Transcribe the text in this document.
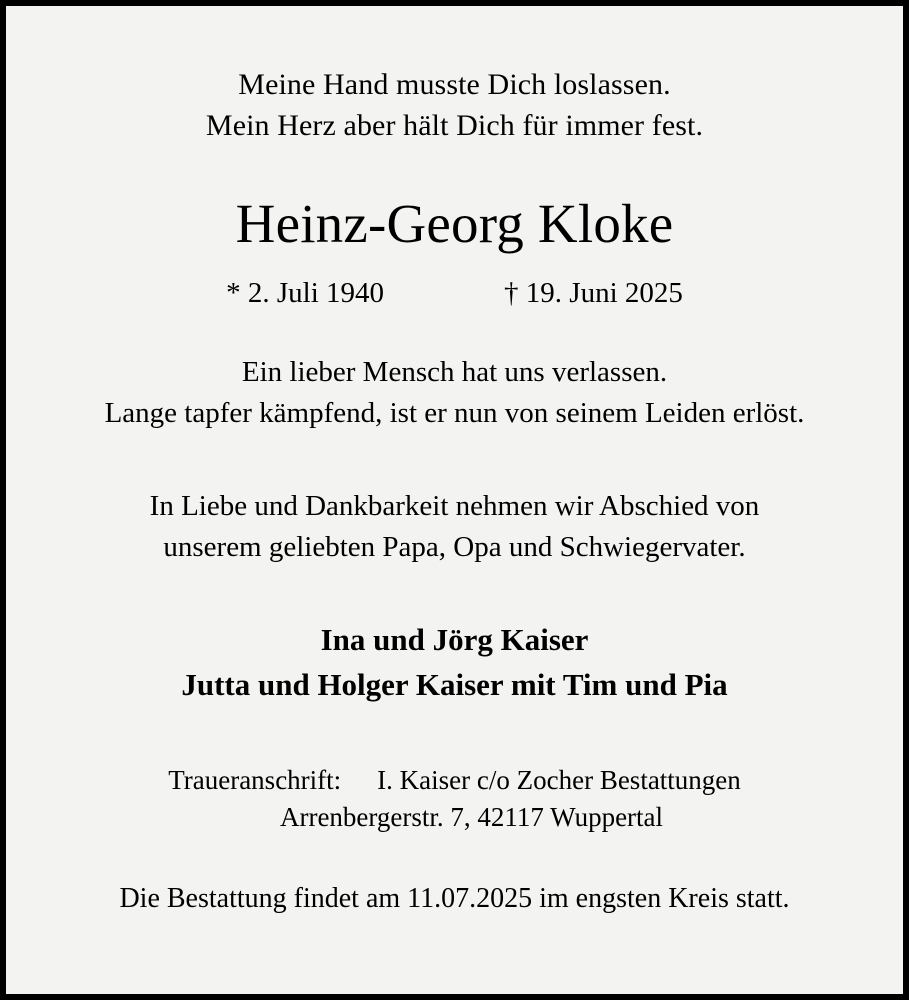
Meine Hand musste Dich loslassen.
Mein Herz aber hält Dich für immer fest.
Heinz-Georg Kloke
* 2. Juli 1940	† 19. Juni 2025
Ein lieber Mensch hat uns verlassen.
Lange tapfer kämpfend, ist er nun von seinem Leiden erlöst.
In Liebe und Dankbarkeit nehmen wir Abschied von
unserem geliebten Papa, Opa und Schwiegervater.
Ina und Jörg Kaiser
Jutta und Holger Kaiser mit Tim und Pia
Traueranschrift: I. Kaiser c/o Zocher Bestattungen
Arrenbergerstr. 7, 42117 Wuppertal
Die Bestattung findet am 11.07.2025 im engsten Kreis statt.
